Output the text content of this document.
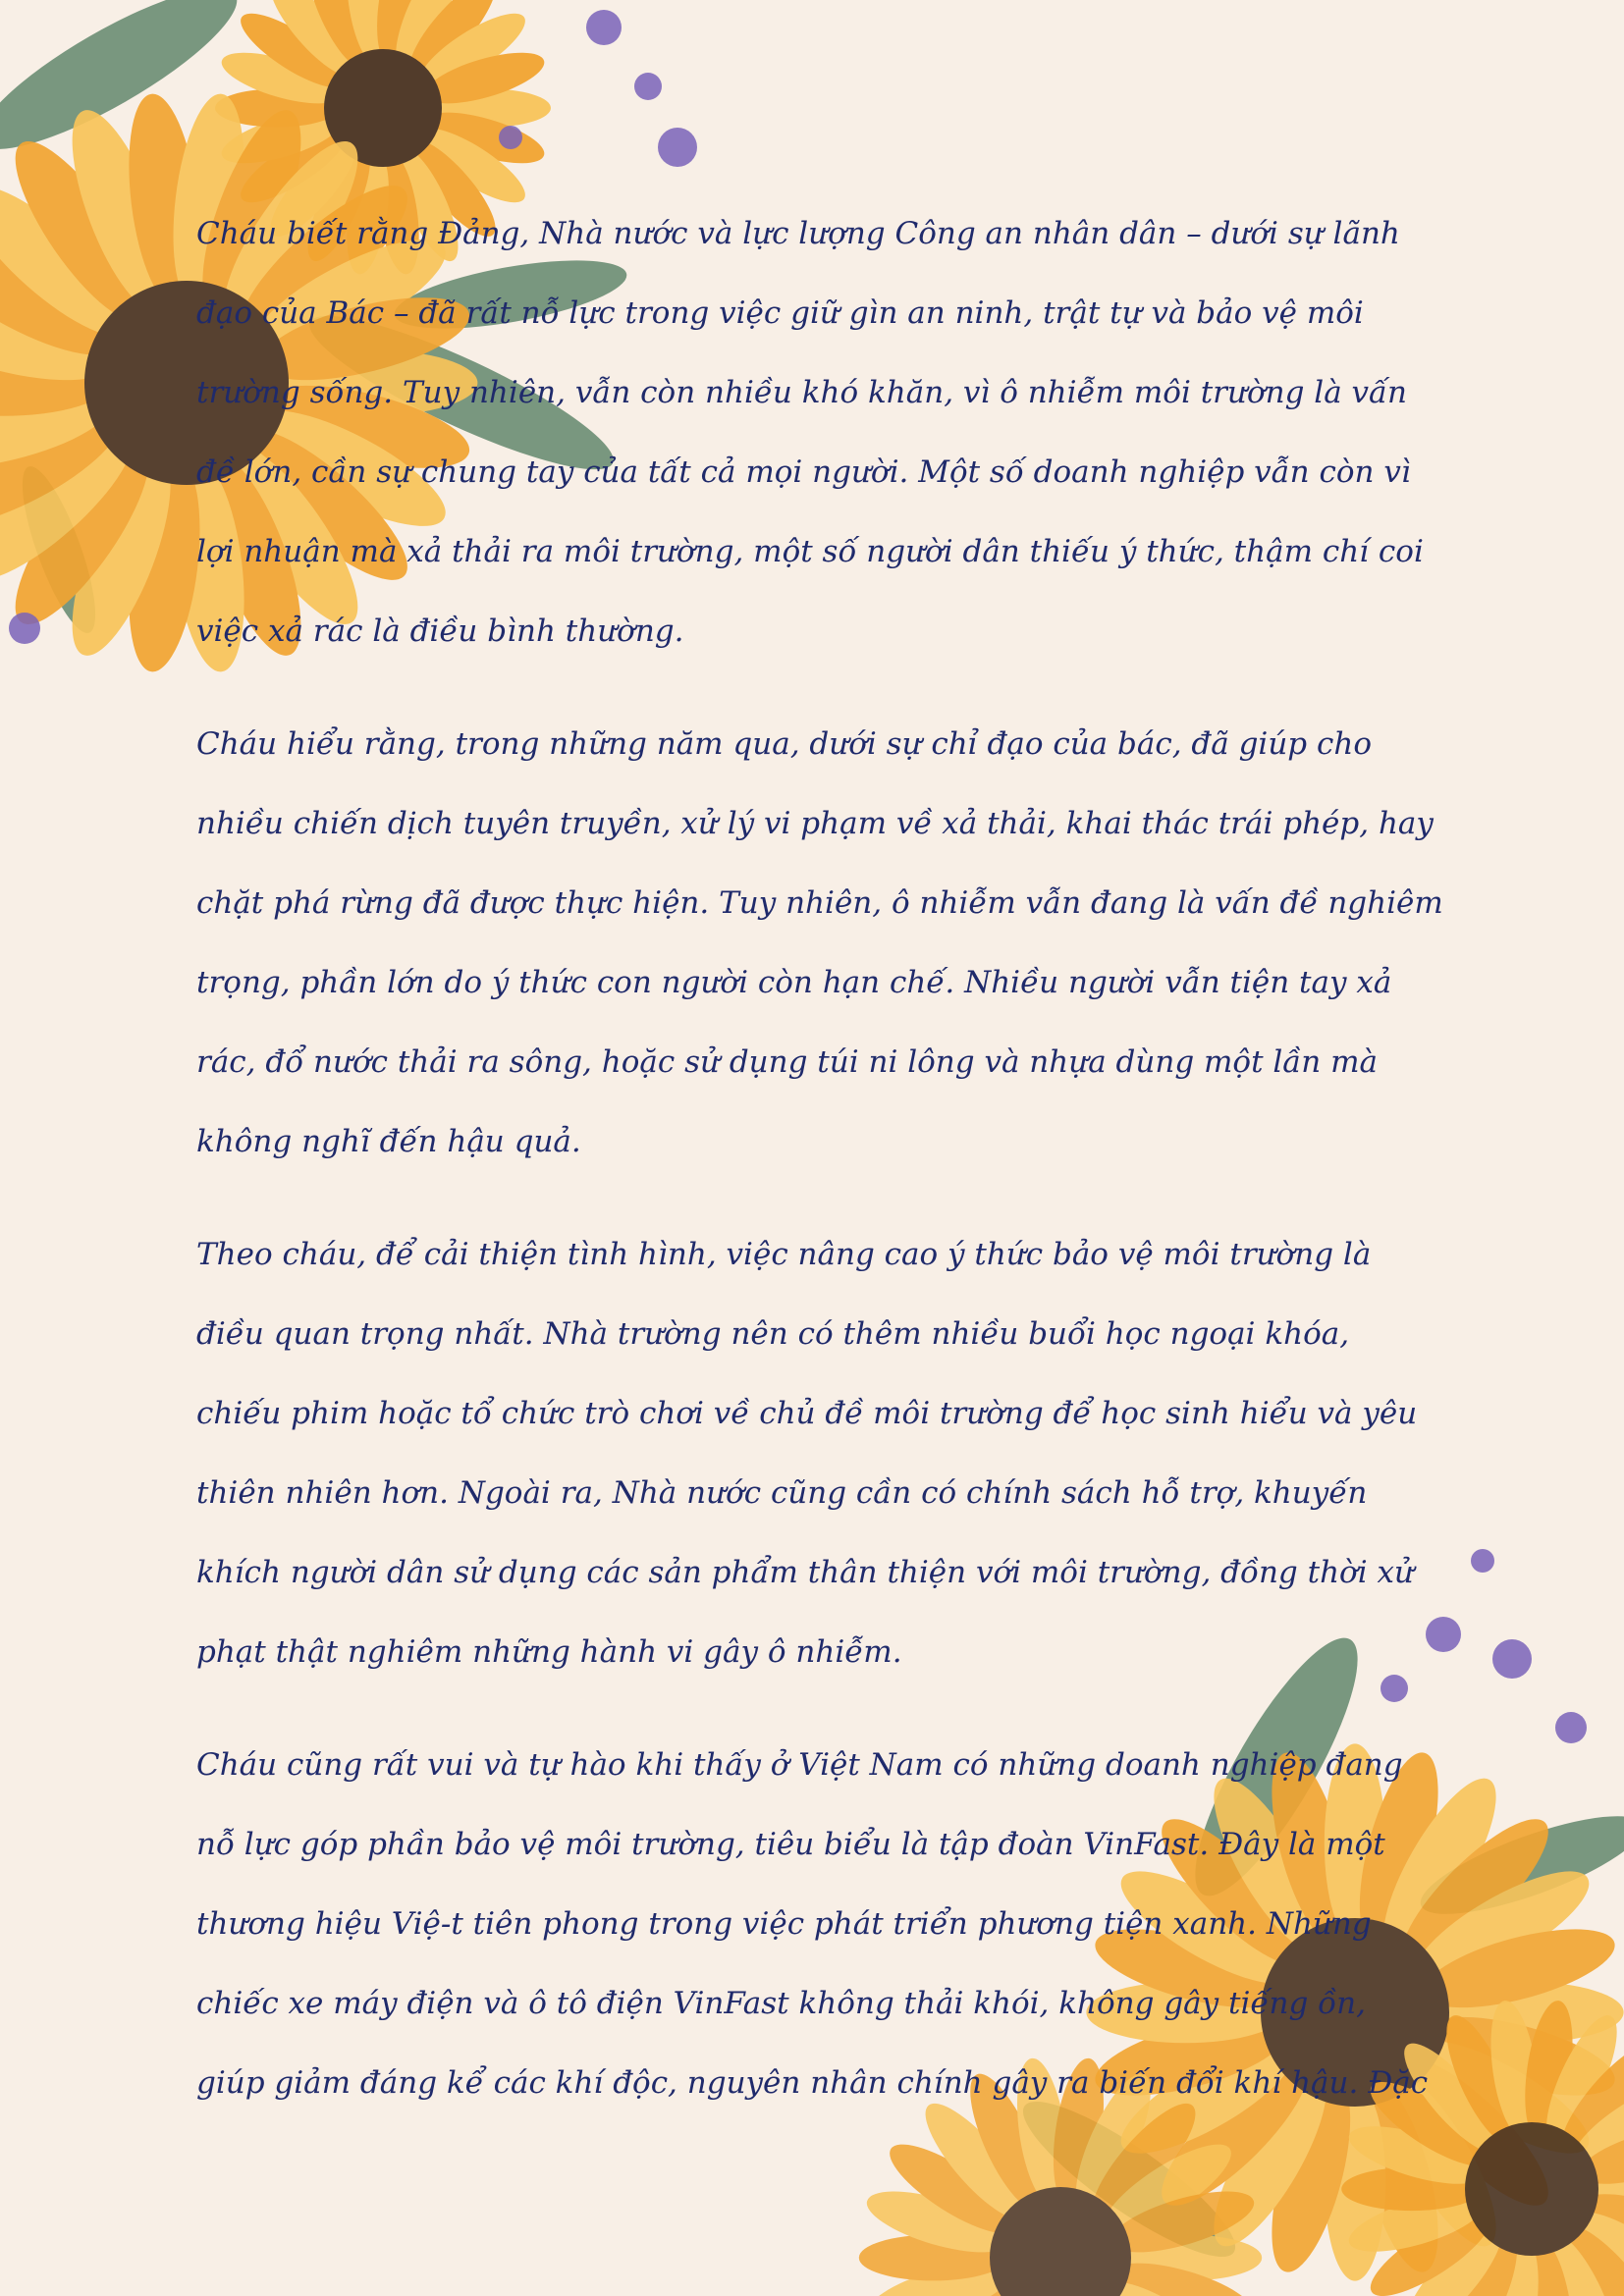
Cháu biết rằng Đảng, Nhà nước và lực lượng Công an nhân dân – dưới sự lãnh đạo của Bác – đã rất nỗ lực trong việc giữ gìn an ninh, trật tự và bảo vệ môi trường sống. Tuy nhiên, vẫn còn nhiều khó khăn, vì ô nhiễm môi trường là vấn đề lớn, cần sự chung tay của tất cả mọi người. Một số doanh nghiệp vẫn còn vì lợi nhuận mà xả thải ra môi trường, một số người dân thiếu ý thức, thậm chí coi việc xả rác là điều bình thường.

Cháu hiểu rằng, trong những năm qua, dưới sự chỉ đạo của bác, đã giúp cho nhiều chiến dịch tuyên truyền, xử lý vi phạm về xả thải, khai thác trái phép, hay chặt phá rừng đã được thực hiện. Tuy nhiên, ô nhiễm vẫn đang là vấn đề nghiêm trọng, phần lớn do ý thức con người còn hạn chế. Nhiều người vẫn tiện tay xả rác, đổ nước thải ra sông, hoặc sử dụng túi ni lông và nhựa dùng một lần mà không nghĩ đến hậu quả.

Theo cháu, để cải thiện tình hình, việc nâng cao ý thức bảo vệ môi trường là điều quan trọng nhất. Nhà trường nên có thêm nhiều buổi học ngoại khóa, chiếu phim hoặc tổ chức trò chơi về chủ đề môi trường để học sinh hiểu và yêu thiên nhiên hơn. Ngoài ra, Nhà nước cũng cần có chính sách hỗ trợ, khuyến khích người dân sử dụng các sản phẩm thân thiện với môi trường, đồng thời xử phạt thật nghiêm những hành vi gây ô nhiễm.

Cháu cũng rất vui và tự hào khi thấy ở Việt Nam có những doanh nghiệp đang nỗ lực góp phần bảo vệ môi trường, tiêu biểu là tập đoàn VinFast. Đây là một thương hiệu Việ-t tiên phong trong việc phát triển phương tiện xanh. Những chiếc xe máy điện và ô tô điện VinFast không thải khói, không gây tiếng ồn, giúp giảm đáng kể các khí độc, nguyên nhân chính gây ra biến đổi khí hậu. Đặc
